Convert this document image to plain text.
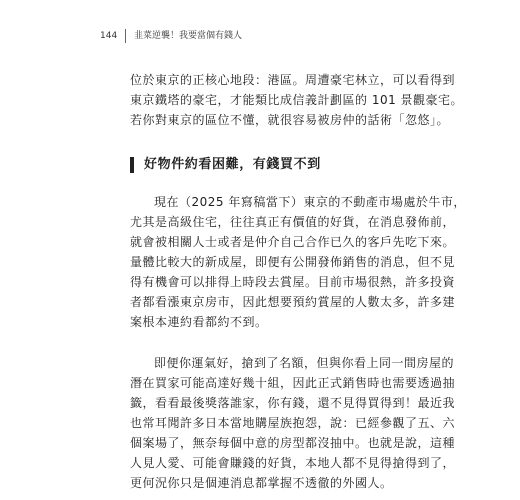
144 韭菜逆襲！我要當個有錢人
位於東京的正核心地段：港區。周遭豪宅林立，可以看得到
東京鐵塔的豪宅，才能類比成信義計劃區的 101 景觀豪宅。
若你對東京的區位不懂，就很容易被房仲的話術「忽悠」。
好物件約看困難，有錢買不到
現在（2025 年寫稿當下）東京的不動產市場處於牛市，
尤其是高級住宅，往往真正有價值的好貨，在消息發佈前，
就會被相關人士或者是仲介自己合作已久的客戶先吃下來。
量體比較大的新成屋，即便有公開發佈銷售的消息，但不見
得有機會可以排得上時段去賞屋。目前市場很熱，許多投資
者都看漲東京房市，因此想要預約賞屋的人數太多，許多建
案根本連約看都約不到。
即便你運氣好，搶到了名額，但與你看上同一間房屋的
潛在買家可能高達好幾十組，因此正式銷售時也需要透過抽
籤，看看最後獎落誰家，你有錢，還不見得買得到！最近我
也常耳聞許多日本當地購屋族抱怨，說：已經參觀了五、六
個案場了，無奈每個中意的房型都沒抽中。也就是說，這種
人見人愛、可能會賺錢的好貨，本地人都不見得搶得到了，
更何況你只是個連消息都掌握不透徹的外國人。
